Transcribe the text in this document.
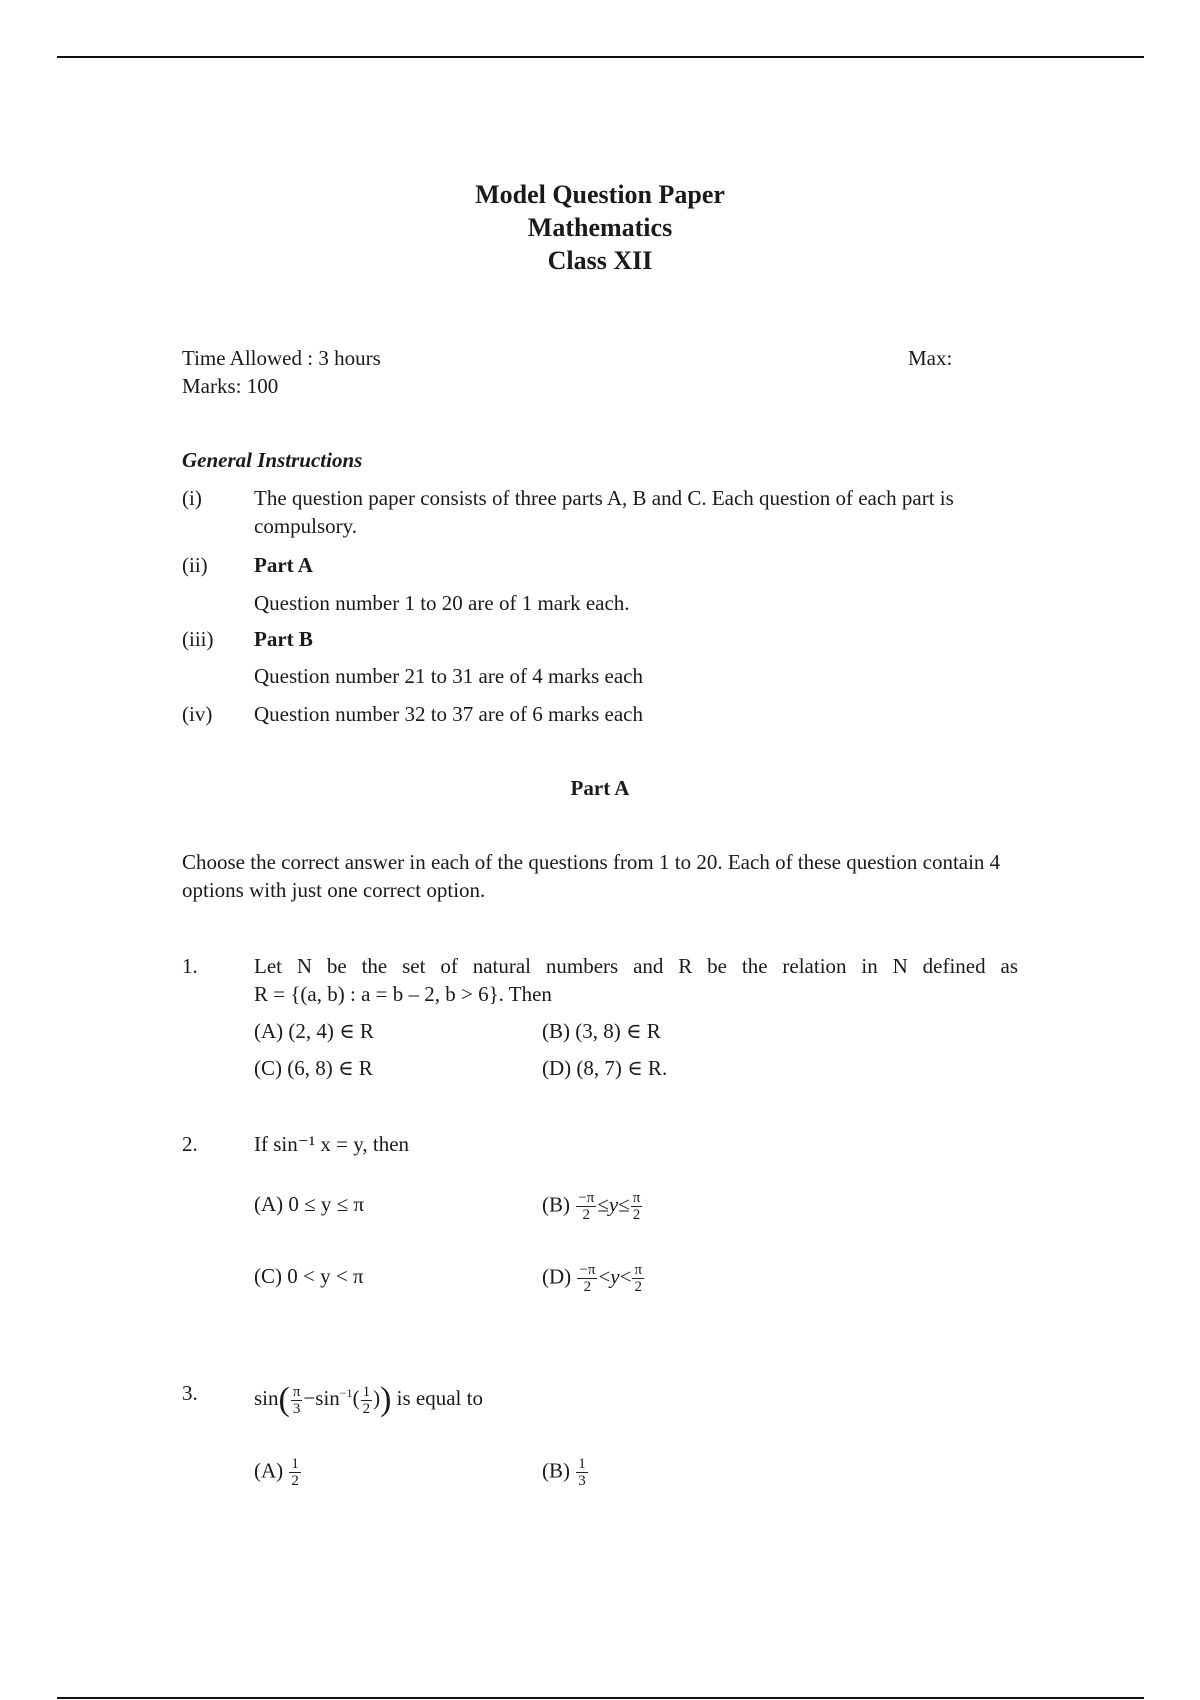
Model Question Paper
Mathematics
Class XII
Time Allowed : 3 hours	Max:
Marks: 100
General Instructions
(i) The question paper consists of three parts A, B and C. Each question of each part is compulsory.
(ii) Part A
Question number 1 to 20 are of 1 mark each.
(iii) Part B
Question number 21 to 31 are of 4 marks each
(iv) Question number 32 to 37 are of 6 marks each
Part A
Choose the correct answer in each of the questions from 1 to 20. Each of these question contain 4 options with just one correct option.
1.	Let N be the set of natural numbers and R be the relation in N defined as
R = {(a, b) : a = b – 2, b > 6}. Then
(A) (2, 4) ∈ R	(B) (3, 8) ∈ R
(C) (6, 8) ∈ R	(D) (8, 7) ∈ R.
2.	If sin⁻¹ x = y, then
(A) 0 ≤ y ≤ π	$(B) \frac{-\pi}{2} \le y\le \frac{\pi}{2}$
(C) 0 < y < π	$(D) \frac{-\pi}{2} <y< \frac{\pi}{2}$
3.	$\sin( \frac{\pi}{3} -\sin^{-1}( \frac{1}{2}$ )) is equal to
$(A) \frac{1}{2}$	$(B) \frac{1}{3}$
